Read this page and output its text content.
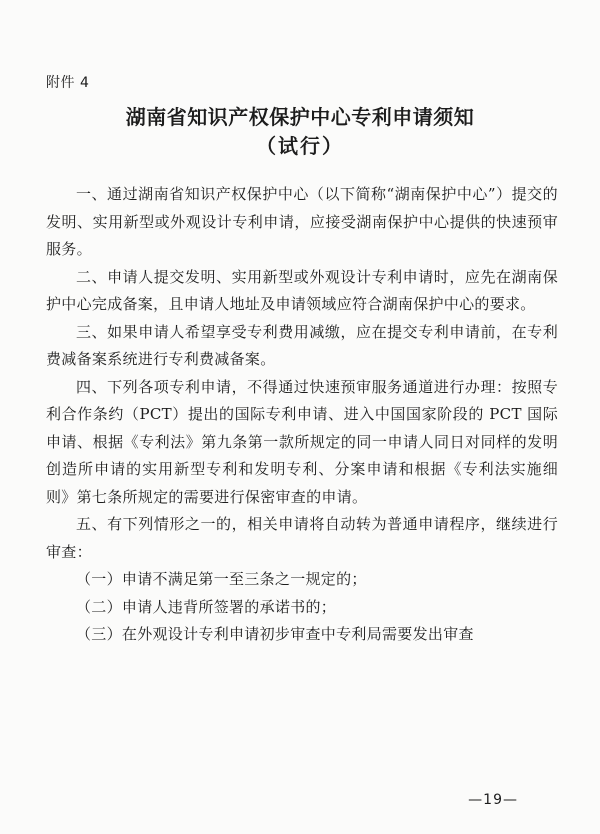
附件 4
湖南省知识产权保护中心专利申请须知
（试行）

一、通过湖南省知识产权保护中心（以下简称“湖南保护中心”）提交的发明、实用新型或外观设计专利申请，应接受湖南保护中心提供的快速预审服务。

二、申请人提交发明、实用新型或外观设计专利申请时，应先在湖南保护中心完成备案，且申请人地址及申请领域应符合湖南保护中心的要求。

三、如果申请人希望享受专利费用减缴，应在提交专利申请前，在专利费减备案系统进行专利费减备案。

四、下列各项专利申请，不得通过快速预审服务通道进行办理：按照专利合作条约（PCT）提出的国际专利申请、进入中国国家阶段的 PCT 国际申请、根据《专利法》第九条第一款所规定的同一申请人同日对同样的发明创造所申请的实用新型专利和发明专利、分案申请和根据《专利法实施细则》第七条所规定的需要进行保密审查的申请。

五、有下列情形之一的，相关申请将自动转为普通申请程序，继续进行审查：

（一）申请不满足第一至三条之一规定的；

（二）申请人违背所签署的承诺书的；

（三）在外观设计专利申请初步审查中专利局需要发出审查

—19—
